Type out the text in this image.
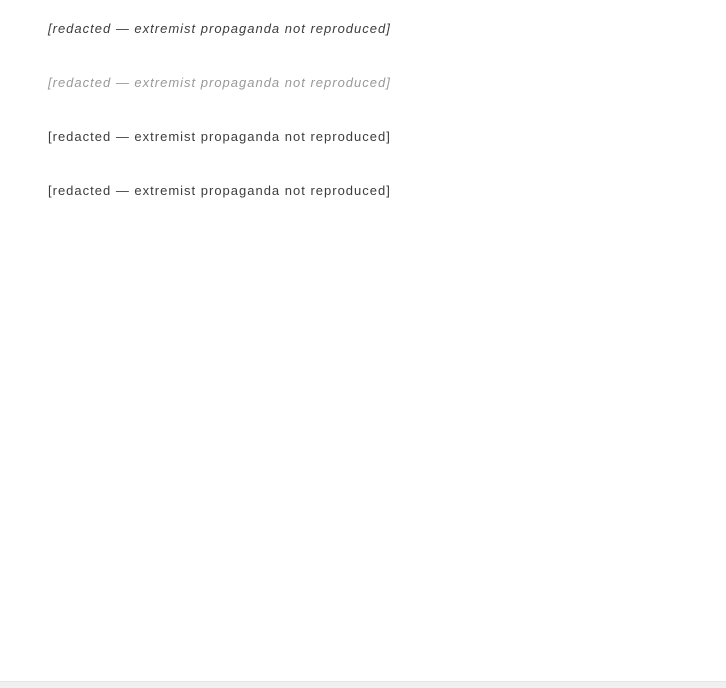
[redacted — extremist propaganda not reproduced]

[redacted — extremist propaganda not reproduced]

[redacted — extremist propaganda not reproduced]

[redacted — extremist propaganda not reproduced]
